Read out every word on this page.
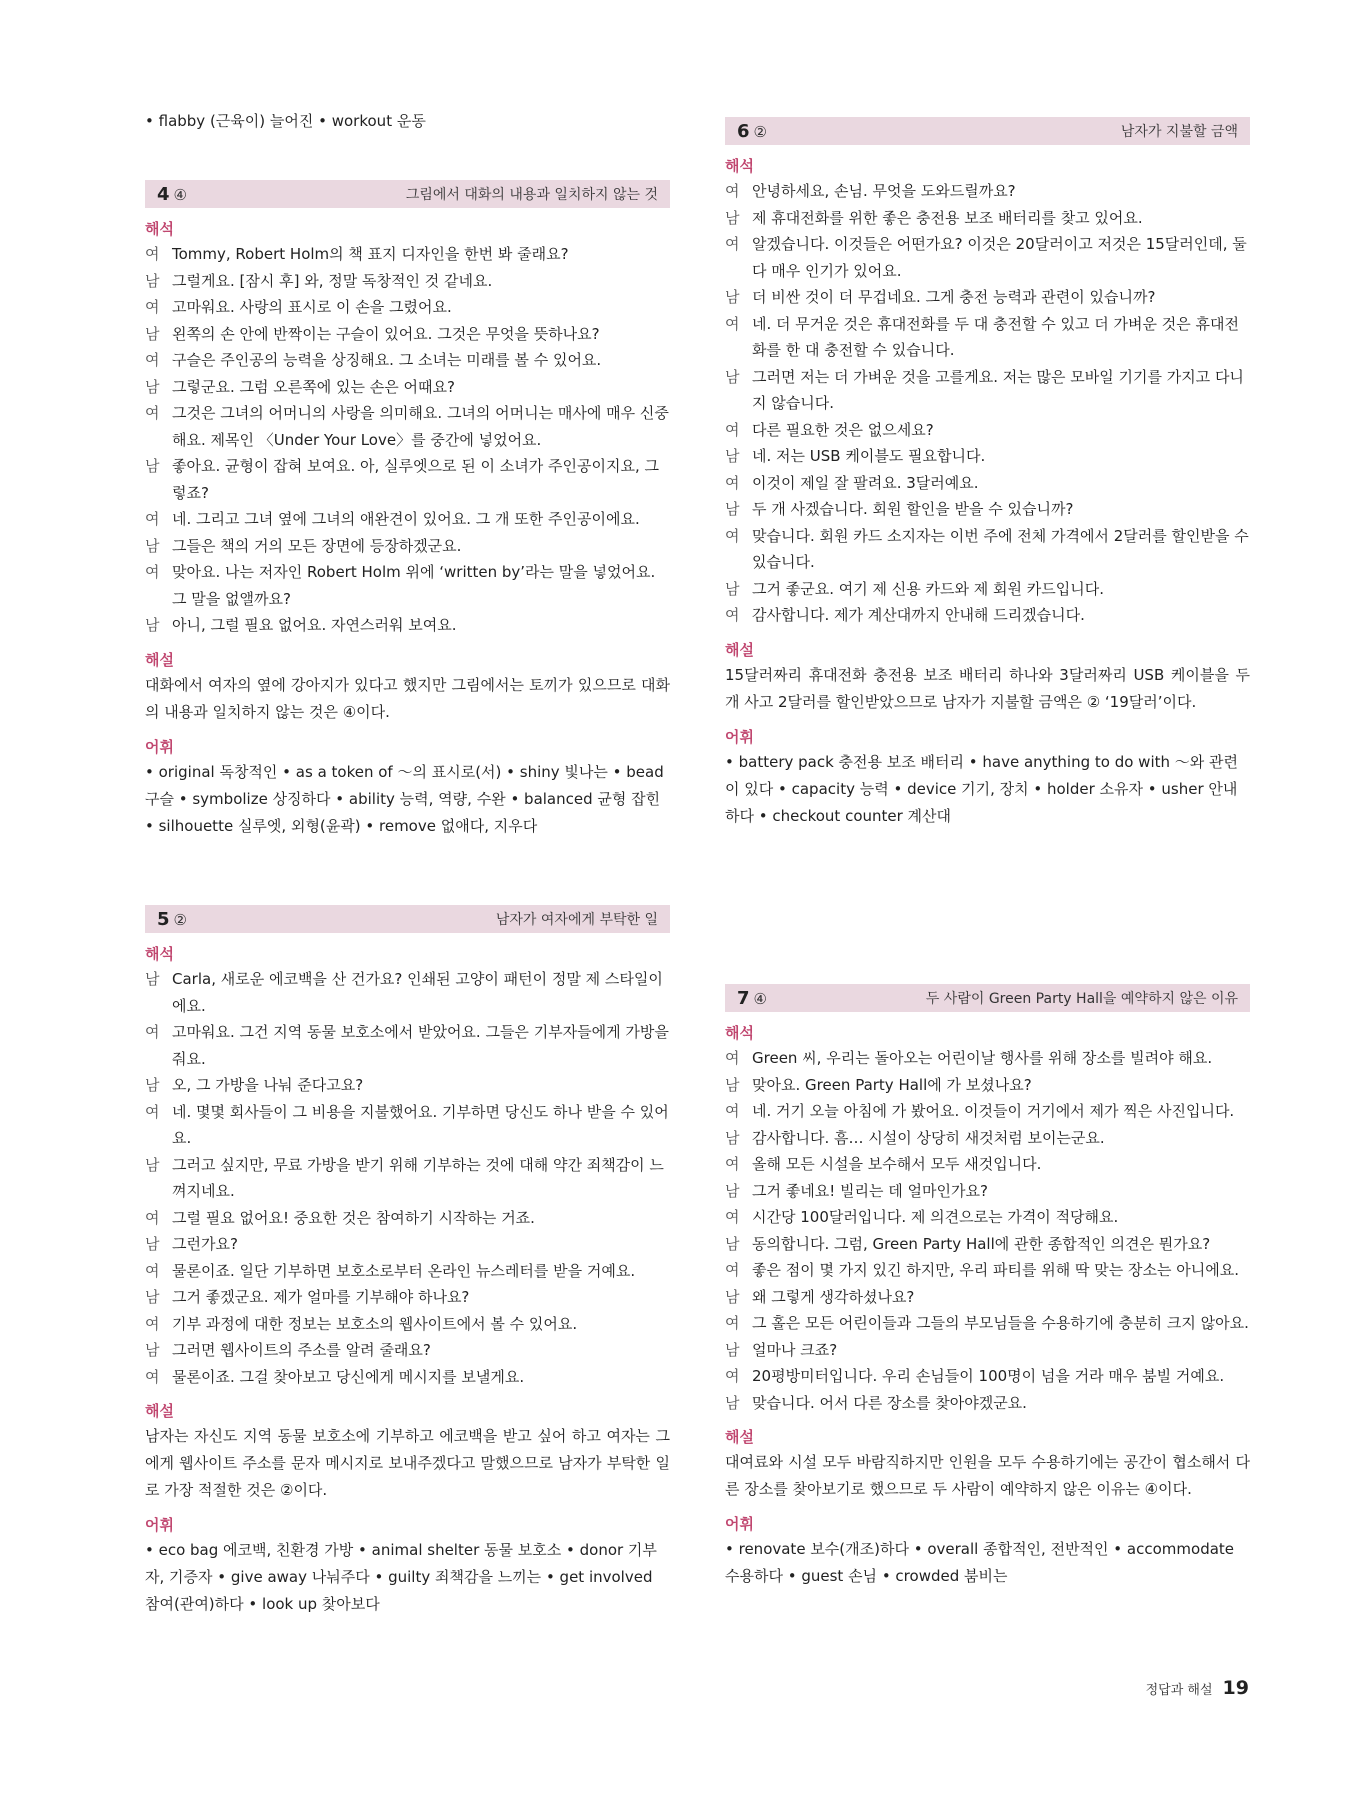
• flabby (근육이) 늘어진 • workout 운동
4 ④	그림에서 대화의 내용과 일치하지 않는 것
해석
여 Tommy, Robert Holm의 책 표지 디자인을 한번 봐 줄래요?
남 그럴게요. [잠시 후] 와, 정말 독창적인 것 같네요.
여 고마워요. 사랑의 표시로 이 손을 그렸어요.
남 왼쪽의 손 안에 반짝이는 구슬이 있어요. 그것은 무엇을 뜻하나요?
여 구슬은 주인공의 능력을 상징해요. 그 소녀는 미래를 볼 수 있어요.
남 그렇군요. 그럼 오른쪽에 있는 손은 어때요?
여 그것은 그녀의 어머니의 사랑을 의미해요. 그녀의 어머니는 매사에 매우 신중해요. 제목인 〈Under Your Love〉를 중간에 넣었어요.
남 좋아요. 균형이 잡혀 보여요. 아, 실루엣으로 된 이 소녀가 주인공이지요, 그렇죠?
여 네. 그리고 그녀 옆에 그녀의 애완견이 있어요. 그 개 또한 주인공이에요.
남 그들은 책의 거의 모든 장면에 등장하겠군요.
여 맞아요. 나는 저자인 Robert Holm 위에 ‘written by’라는 말을 넣었어요. 그 말을 없앨까요?
남 아니, 그럴 필요 없어요. 자연스러워 보여요.
해설
대화에서 여자의 옆에 강아지가 있다고 했지만 그림에서는 토끼가 있으므로 대화의 내용과 일치하지 않는 것은 ④이다.
어휘
• original 독창적인 • as a token of ～의 표시로(서) • shiny 빛나는 • bead 구슬 • symbolize 상징하다 • ability 능력, 역량, 수완 • balanced 균형 잡힌 • silhouette 실루엣, 외형(윤곽) • remove 없애다, 지우다
5 ②	남자가 여자에게 부탁한 일
해석
남 Carla, 새로운 에코백을 산 건가요? 인쇄된 고양이 패턴이 정말 제 스타일이에요.
여 고마워요. 그건 지역 동물 보호소에서 받았어요. 그들은 기부자들에게 가방을 줘요.
남 오, 그 가방을 나눠 준다고요?
여 네. 몇몇 회사들이 그 비용을 지불했어요. 기부하면 당신도 하나 받을 수 있어요.
남 그러고 싶지만, 무료 가방을 받기 위해 기부하는 것에 대해 약간 죄책감이 느껴지네요.
여 그럴 필요 없어요! 중요한 것은 참여하기 시작하는 거죠.
남 그런가요?
여 물론이죠. 일단 기부하면 보호소로부터 온라인 뉴스레터를 받을 거예요.
남 그거 좋겠군요. 제가 얼마를 기부해야 하나요?
여 기부 과정에 대한 정보는 보호소의 웹사이트에서 볼 수 있어요.
남 그러면 웹사이트의 주소를 알려 줄래요?
여 물론이죠. 그걸 찾아보고 당신에게 메시지를 보낼게요.
해설
남자는 자신도 지역 동물 보호소에 기부하고 에코백을 받고 싶어 하고 여자는 그에게 웹사이트 주소를 문자 메시지로 보내주겠다고 말했으므로 남자가 부탁한 일로 가장 적절한 것은 ②이다.
어휘
• eco bag 에코백, 친환경 가방 • animal shelter 동물 보호소 • donor 기부자, 기증자 • give away 나눠주다 • guilty 죄책감을 느끼는 • get involved 참여(관여)하다 • look up 찾아보다
6 ②	남자가 지불할 금액
해석
여 안녕하세요, 손님. 무엇을 도와드릴까요?
남 제 휴대전화를 위한 좋은 충전용 보조 배터리를 찾고 있어요.
여 알겠습니다. 이것들은 어떤가요? 이것은 20달러이고 저것은 15달러인데, 둘 다 매우 인기가 있어요.
남 더 비싼 것이 더 무겁네요. 그게 충전 능력과 관련이 있습니까?
여 네. 더 무거운 것은 휴대전화를 두 대 충전할 수 있고 더 가벼운 것은 휴대전화를 한 대 충전할 수 있습니다.
남 그러면 저는 더 가벼운 것을 고를게요. 저는 많은 모바일 기기를 가지고 다니지 않습니다.
여 다른 필요한 것은 없으세요?
남 네. 저는 USB 케이블도 필요합니다.
여 이것이 제일 잘 팔려요. 3달러예요.
남 두 개 사겠습니다. 회원 할인을 받을 수 있습니까?
여 맞습니다. 회원 카드 소지자는 이번 주에 전체 가격에서 2달러를 할인받을 수 있습니다.
남 그거 좋군요. 여기 제 신용 카드와 제 회원 카드입니다.
여 감사합니다. 제가 계산대까지 안내해 드리겠습니다.
해설
15달러짜리 휴대전화 충전용 보조 배터리 하나와 3달러짜리 USB 케이블을 두 개 사고 2달러를 할인받았으므로 남자가 지불할 금액은 ② ‘19달러’이다.
어휘
• battery pack 충전용 보조 배터리 • have anything to do with ～와 관련이 있다 • capacity 능력 • device 기기, 장치 • holder 소유자 • usher 안내하다 • checkout counter 계산대
7 ④	두 사람이 Green Party Hall을 예약하지 않은 이유
해석
여 Green 씨, 우리는 돌아오는 어린이날 행사를 위해 장소를 빌려야 해요.
남 맞아요. Green Party Hall에 가 보셨나요?
여 네. 거기 오늘 아침에 가 봤어요. 이것들이 거기에서 제가 찍은 사진입니다.
남 감사합니다. 흠… 시설이 상당히 새것처럼 보이는군요.
여 올해 모든 시설을 보수해서 모두 새것입니다.
남 그거 좋네요! 빌리는 데 얼마인가요?
여 시간당 100달러입니다. 제 의견으로는 가격이 적당해요.
남 동의합니다. 그럼, Green Party Hall에 관한 종합적인 의견은 뭔가요?
여 좋은 점이 몇 가지 있긴 하지만, 우리 파티를 위해 딱 맞는 장소는 아니에요.
남 왜 그렇게 생각하셨나요?
여 그 홀은 모든 어린이들과 그들의 부모님들을 수용하기에 충분히 크지 않아요.
남 얼마나 크죠?
여 20평방미터입니다. 우리 손님들이 100명이 넘을 거라 매우 붐빌 거예요.
남 맞습니다. 어서 다른 장소를 찾아야겠군요.
해설
대여료와 시설 모두 바람직하지만 인원을 모두 수용하기에는 공간이 협소해서 다른 장소를 찾아보기로 했으므로 두 사람이 예약하지 않은 이유는 ④이다.
어휘
• renovate 보수(개조)하다 • overall 종합적인, 전반적인 • accommodate 수용하다 • guest 손님 • crowded 붐비는
정답과 해설 19
